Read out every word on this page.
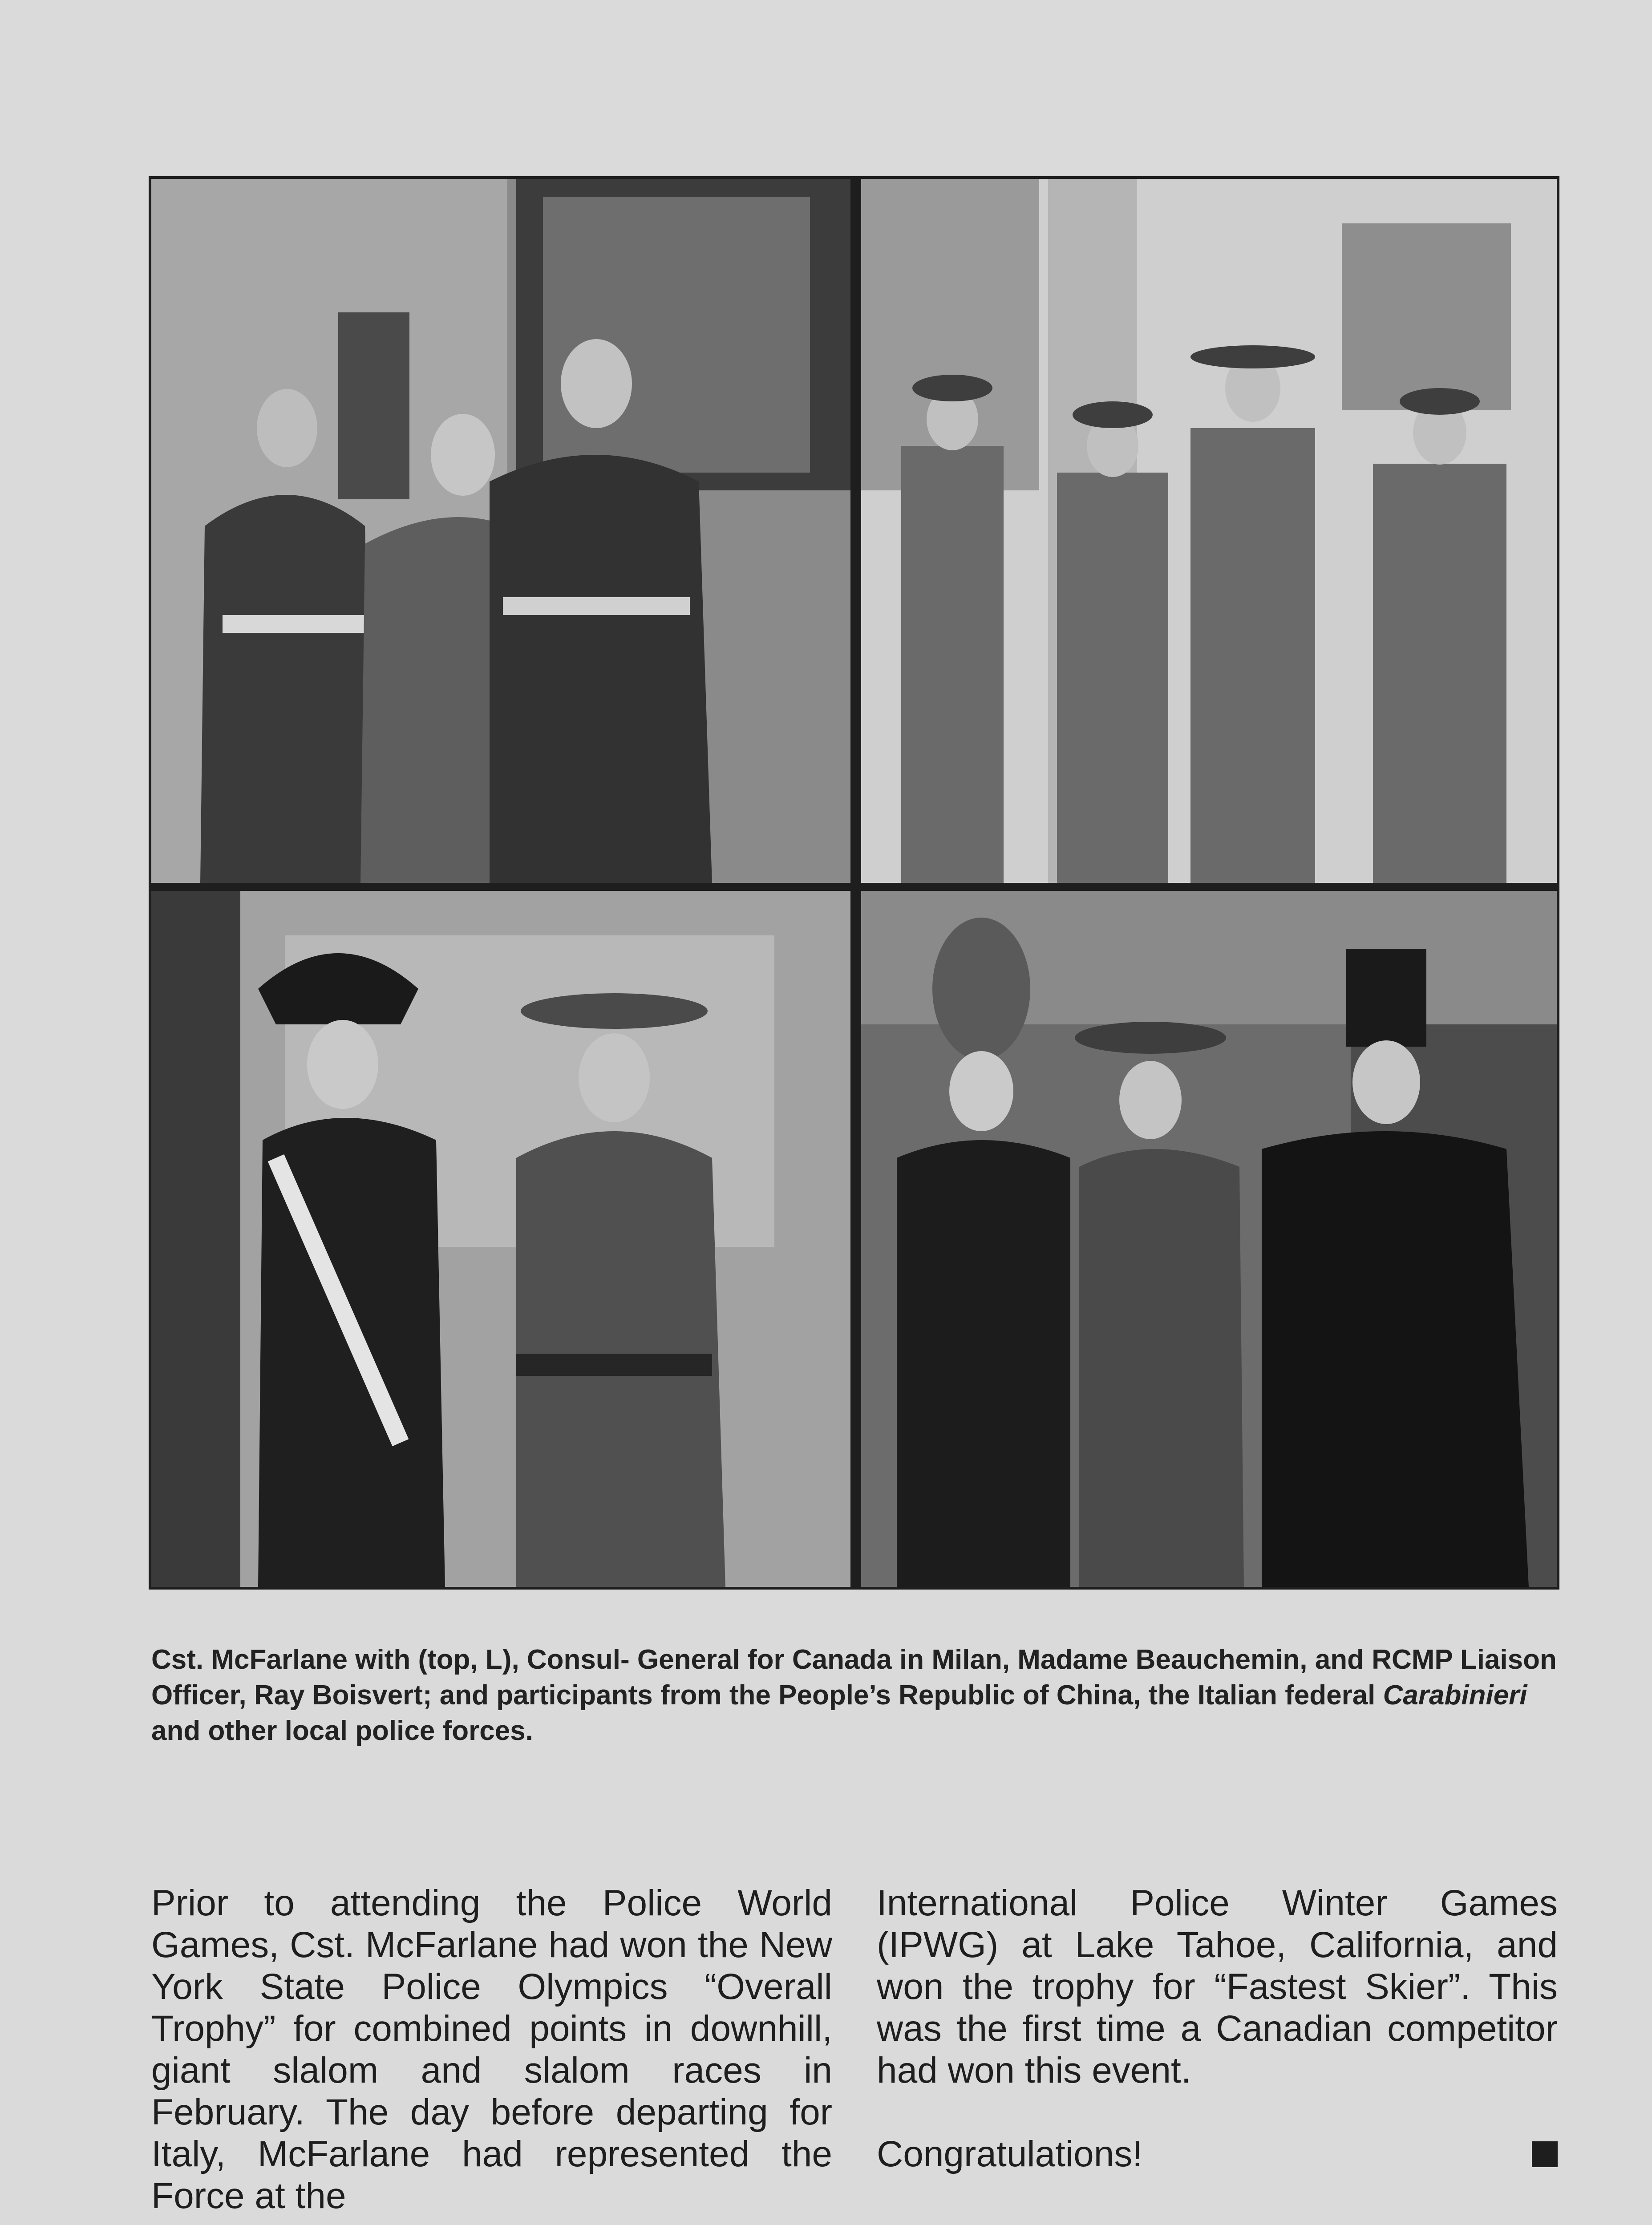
Cst. McFarlane with (top, L), Consul- General for Canada in Milan, Madame Beauchemin, and RCMP Liaison Officer, Ray Boisvert; and participants from the People’s Republic of China, the Italian federal Carabinieri and other local police forces.

Prior to attending the Police World Games, Cst. McFarlane had won the New York State Police Olympics “Overall Trophy” for combined points in downhill, giant slalom and slalom races in February. The day before departing for Italy, McFarlane had represented the Force at the

International Police Winter Games (IPWG) at Lake Tahoe, California, and won the trophy for “Fastest Skier”. This was the first time a Canadian competitor had won this event.

Congratulations!
